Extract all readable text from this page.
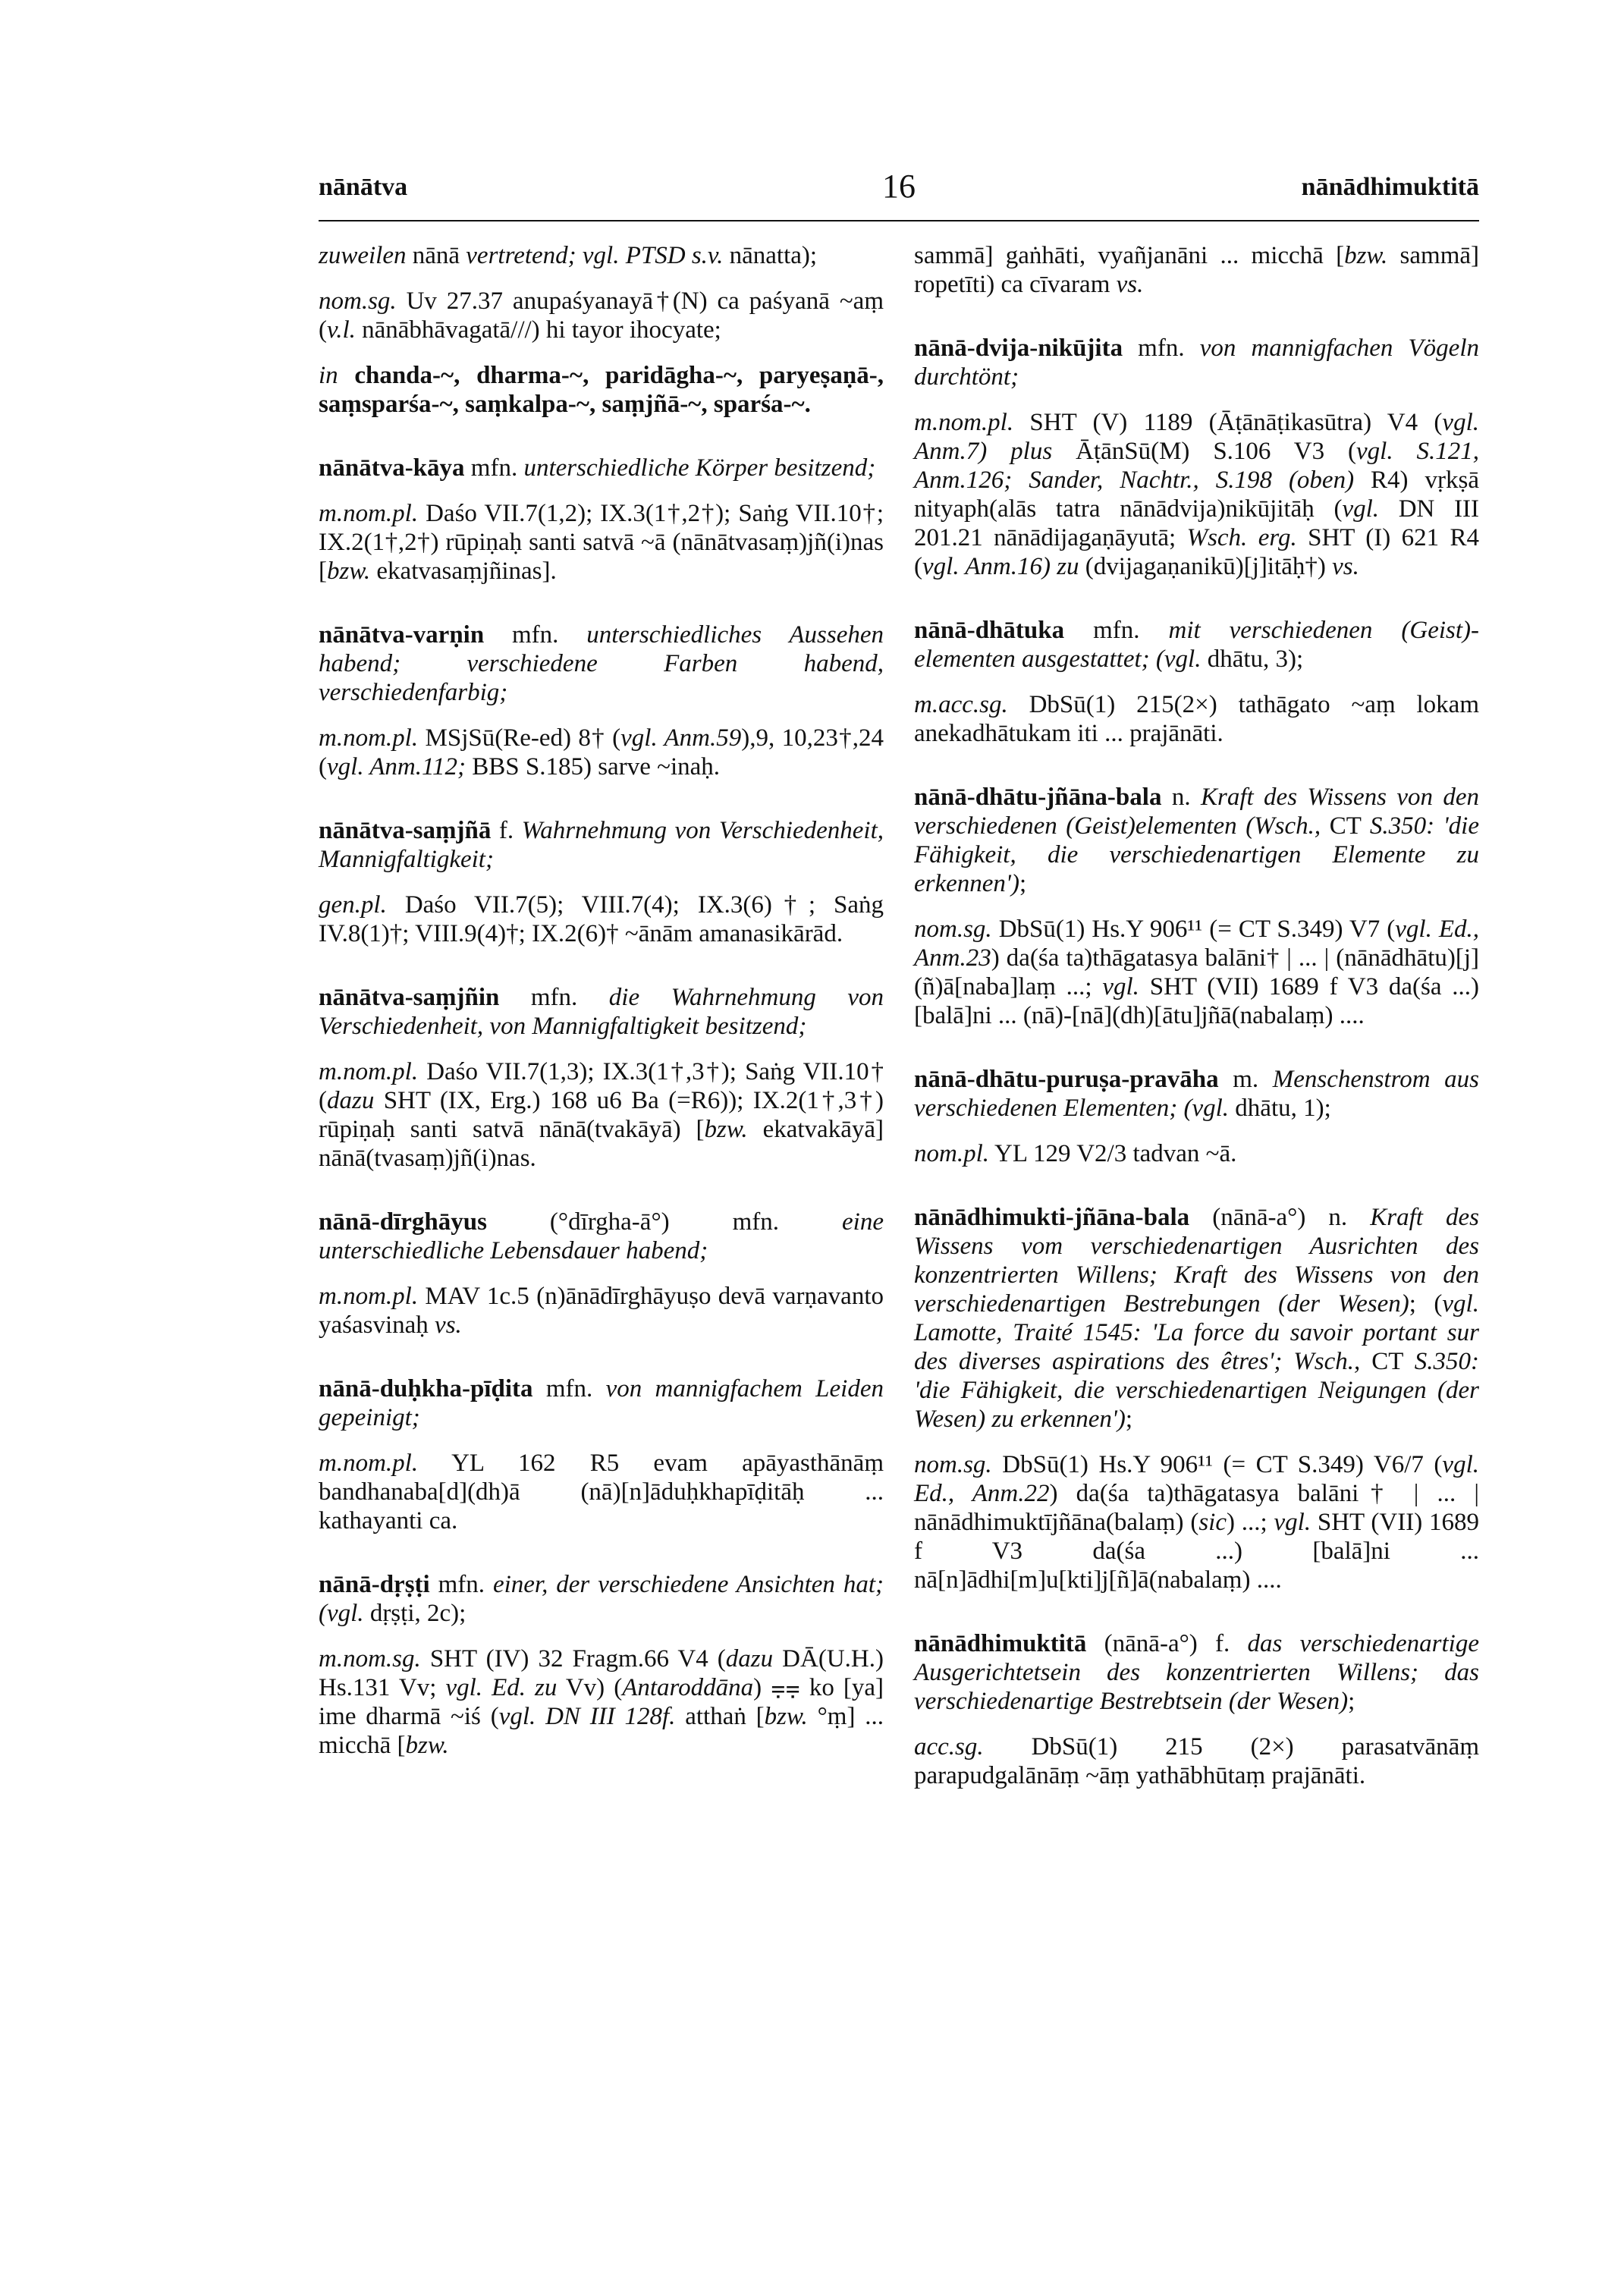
nānātva	16	nānādhimuktitā

zuweilen nānā vertretend; vgl. PTSD s.v. nānatta);

nom.sg. Uv 27.37 anupaśyanayā†(N) ca paśyanā ~aṃ (v.l. nānābhāvagatā///) hi tayor ihocyate;

in chanda-~, dharma-~, paridāgha-~, paryeṣaṇā-, saṃsparśa-~, saṃkalpa-~, saṃjñā-~, sparśa-~.

nānātva-kāya mfn. unterschiedliche Körper besitzend;

m.nom.pl. Daśo VII.7(1,2); IX.3(1†,2†); Saṅg VII.10†; IX.2(1†,2†) rūpiṇaḥ santi satvā ~ā (nānātvasaṃ)jñ(i)nas [bzw. ekatvasaṃjñinas].

nānātva-varṇin mfn. unterschiedliches Aussehen habend; verschiedene Farben habend, verschiedenfarbig;

m.nom.pl. MSjSū(Re-ed) 8† (vgl. Anm.59),9, 10,23†,24 (vgl. Anm.112; BBS S.185) sarve ~inaḥ.

nānātva-saṃjñā f. Wahrnehmung von Verschiedenheit, Mannigfaltigkeit;

gen.pl. Daśo VII.7(5); VIII.7(4); IX.3(6)†; Saṅg IV.8(1)†; VIII.9(4)†; IX.2(6)† ~ānām amanasikārād.

nānātva-saṃjñin mfn. die Wahrnehmung von Verschiedenheit, von Mannigfaltigkeit besitzend;

m.nom.pl. Daśo VII.7(1,3); IX.3(1†,3†); Saṅg VII.10† (dazu SHT (IX, Erg.) 168 u6 Ba (=R6)); IX.2(1†,3†) rūpiṇaḥ santi satvā nānā(tvakāyā) [bzw. ekatvakāyā] nānā(tvasaṃ)jñ(i)nas.

nānā-dīrghāyus (°dīrgha-ā°) mfn. eine unterschiedliche Lebensdauer habend;

m.nom.pl. MAV 1c.5 (n)ānādīrghāyuṣo devā varṇavanto yaśasvinaḥ vs.

nānā-duḥkha-pīḍita mfn. von mannigfachem Leiden gepeinigt;

m.nom.pl. YL 162 R5 evam apāyasthānāṃ bandhanaba[d](dh)ā (nā)[n]āduḥkhapīḍitāḥ ... kathayanti ca.

nānā-dṛṣṭi mfn. einer, der verschiedene Ansichten hat; (vgl. dṛṣṭi, 2c);

m.nom.sg. SHT (IV) 32 Fragm.66 V4 (dazu DĀ(U.H.) Hs.131 Vv; vgl. Ed. zu Vv) (Antaroddāna) ⩦⩦ ko [ya] ime dharmā ~iś (vgl. DN III 128f. atthaṅ [bzw. °ṃ] ... micchā [bzw.

sammā] gaṅhāti, vyañjanāni ... micchā [bzw. sammā] ropetīti) ca cīvaram vs.

nānā-dvija-nikūjita mfn. von mannigfachen Vögeln durchtönt;

m.nom.pl. SHT (V) 1189 (Āṭānāṭikasūtra) V4 (vgl. Anm.7) plus ĀṭānSū(M) S.106 V3 (vgl. S.121, Anm.126; Sander, Nachtr., S.198 (oben) R4) vṛkṣā nityaph(alās tatra nānādvija)nikūjitāḥ (vgl. DN III 201.21 nānādijagaṇāyutā; Wsch. erg. SHT (I) 621 R4 (vgl. Anm.16) zu (dvijagaṇanikū)[j]itāḥ†) vs.

nānā-dhātuka mfn. mit verschiedenen (Geist)-elementen ausgestattet; (vgl. dhātu, 3);

m.acc.sg. DbSū(1) 215(2×) tathāgato ~aṃ lokam anekadhātukam iti ... prajānāti.

nānā-dhātu-jñāna-bala n. Kraft des Wissens von den verschiedenen (Geist)elementen (Wsch., CT S.350: 'die Fähigkeit, die verschiedenartigen Elemente zu erkennen');

nom.sg. DbSū(1) Hs.Y 906¹¹ (= CT S.349) V7 (vgl. Ed., Anm.23) da(śa ta)thāgatasya balāni† | ... | (nānādhātu)[j](ñ)ā[naba]laṃ ...; vgl. SHT (VII) 1689 f V3 da(śa ...) [balā]ni ... (nā)-[nā](dh)[ātu]jñā(nabalaṃ) ....

nānā-dhātu-puruṣa-pravāha m. Menschenstrom aus verschiedenen Elementen; (vgl. dhātu, 1);

nom.pl. YL 129 V2/3 tadvan ~ā.

nānādhimukti-jñāna-bala (nānā-a°) n. Kraft des Wissens vom verschiedenartigen Ausrichten des konzentrierten Willens; Kraft des Wissens von den verschiedenartigen Bestrebungen (der Wesen); (vgl. Lamotte, Traité 1545: 'La force du savoir portant sur des diverses aspirations des êtres'; Wsch., CT S.350: 'die Fähigkeit, die verschiedenartigen Neigungen (der Wesen) zu erkennen');

nom.sg. DbSū(1) Hs.Y 906¹¹ (= CT S.349) V6/7 (vgl. Ed., Anm.22) da(śa ta)thāgatasya balāni† | ... | nānādhimuktījñāna(balaṃ) (sic) ...; vgl. SHT (VII) 1689 f V3 da(śa ...) [balā]ni ... nā[n]ādhi[m]u[kti]j[ñ]ā(nabalaṃ) ....

nānādhimuktitā (nānā-a°) f. das verschiedenartige Ausgerichtetsein des konzentrierten Willens; das verschiedenartige Bestrebtsein (der Wesen);

acc.sg. DbSū(1) 215 (2×) parasatvānāṃ parapudgalānāṃ ~āṃ yathābhūtaṃ prajānāti.
